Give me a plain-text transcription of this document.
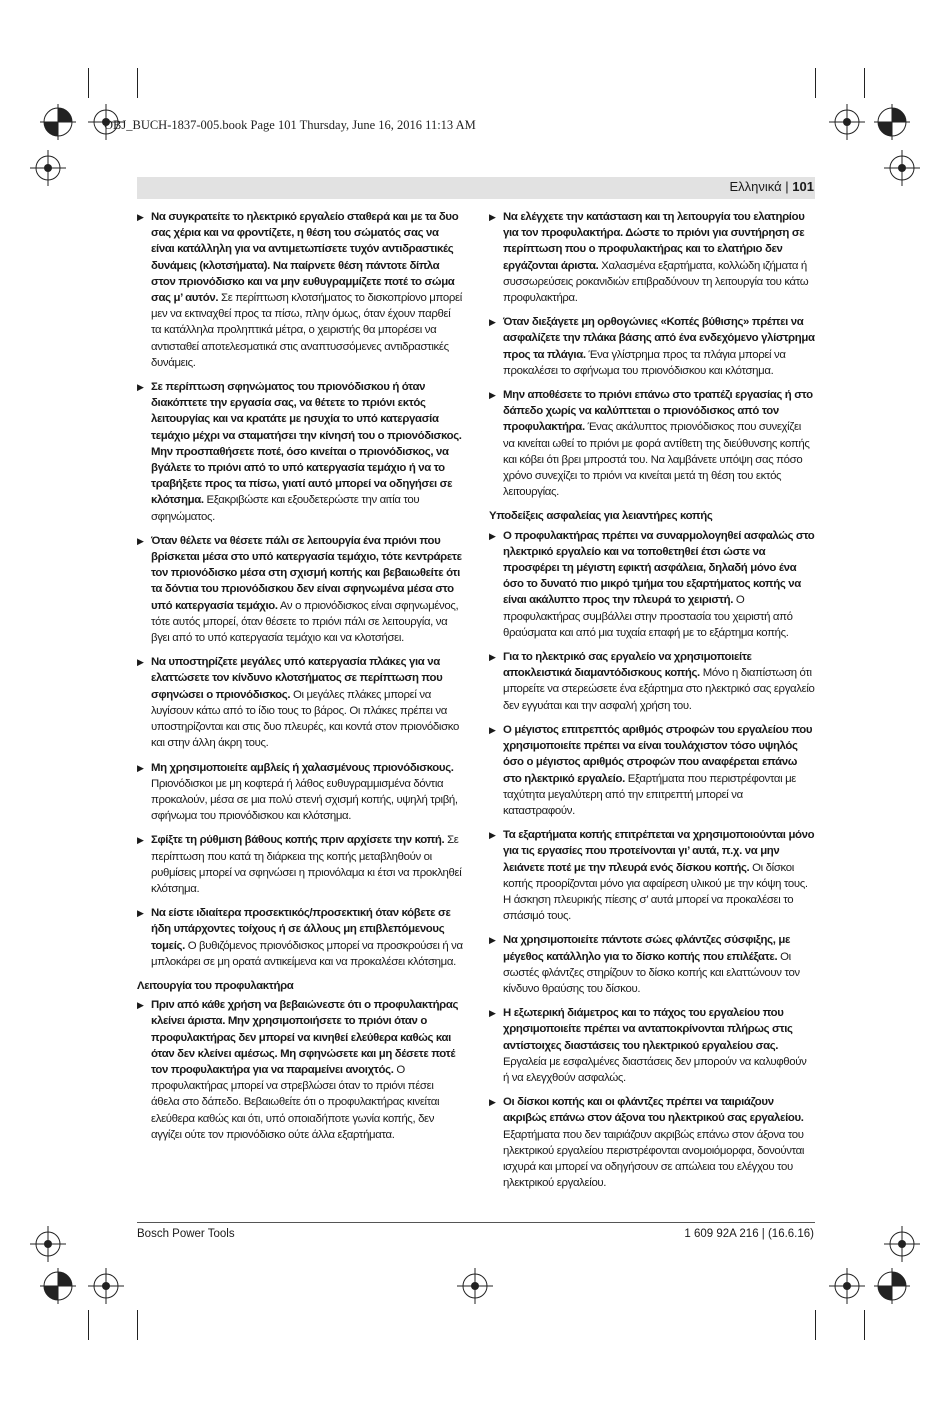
OBJ_BUCH-1837-005.book Page 101 Thursday, June 16, 2016 11:13 AM
Ελληνικά | 101
▶ Να συγκρατείτε το ηλεκτρικό εργαλείο σταθερά και με τα δυο σας χέρια και να φροντίζετε, η θέση του σώματός σας να είναι κατάλληλη για να αντιμετωπίσετε τυχόν αντιδραστικές δυνάμεις (κλοτσήματα). Να παίρνετε θέση πάντοτε δίπλα στον πριονόδισκο και να μην ευθυγραμμίζετε ποτέ το σώμα σας μ’ αυτόν. Σε περίπτωση κλοτσήματος το δισκοπρίονο μπορεί μεν να εκτιναχθεί προς τα πίσω, πλην όμως, όταν έχουν παρθεί τα κατάλληλα προληπτικά μέτρα, ο χειριστής θα μπορέσει να αντισταθεί αποτελεσματικά στις αναπτυσσόμενες αντιδραστικές δυνάμεις.
▶ Σε περίπτωση σφηνώματος του πριονόδισκου ή όταν διακόπτετε την εργασία σας, να θέτετε το πριόνι εκτός λειτουργίας και να κρατάτε με ησυχία το υπό κατεργασία τεμάχιο μέχρι να σταματήσει την κίνησή του ο πριονόδισκος. Μην προσπαθήσετε ποτέ, όσο κινείται ο πριονόδισκος, να βγάλετε το πριόνι από το υπό κατεργασία τεμάχιο ή να το τραβήξετε προς τα πίσω, γιατί αυτό μπορεί να οδηγήσει σε κλότσημα. Εξακριβώστε και εξουδετερώστε την αιτία του σφηνώματος.
▶ Όταν θέλετε να θέσετε πάλι σε λειτουργία ένα πριόνι που βρίσκεται μέσα στο υπό κατεργασία τεμάχιο, τότε κεντράρετε τον πριονόδισκο μέσα στη σχισμή κοπής και βεβαιωθείτε ότι τα δόντια του πριονόδισκου δεν είναι σφηνωμένα μέσα στο υπό κατεργασία τεμάχιο. Αν ο πριονόδισκος είναι σφηνωμένος, τότε αυτός μπορεί, όταν θέσετε το πριόνι πάλι σε λειτουργία, να βγει από το υπό κατεργασία τεμάχιο και να κλοτσήσει.
▶ Να υποστηρίζετε μεγάλες υπό κατεργασία πλάκες για να ελαττώσετε τον κίνδυνο κλοτσήματος σε περίπτωση που σφηνώσει ο πριονόδισκος. Οι μεγάλες πλάκες μπορεί να λυγίσουν κάτω από το ίδιο τους το βάρος. Οι πλάκες πρέπει να υποστηρίζονται και στις δυο πλευρές, και κοντά στον πριονόδισκο και στην άλλη άκρη τους.
▶ Μη χρησιμοποιείτε αμβλείς ή χαλασμένους πριονόδισκους. Πριονόδισκοι με μη κοφτερά ή λάθος ευθυγραμμισμένα δόντια προκαλούν, μέσα σε μια πολύ στενή σχισμή κοπής, υψηλή τριβή, σφήνωμα του πριονόδισκου και κλότσημα.
▶ Σφίξτε τη ρύθμιση βάθους κοπής πριν αρχίσετε την κοπή. Σε περίπτωση που κατά τη διάρκεια της κοπής μεταβληθούν οι ρυθμίσεις μπορεί να σφηνώσει η πριονόλαμα κι έτσι να προκληθεί κλότσημα.
▶ Να είστε ιδιαίτερα προσεκτικός/προσεκτική όταν κόβετε σε ήδη υπάρχοντες τοίχους ή σε άλλους μη επιβλεπόμενους τομείς. Ο βυθιζόμενος πριονόδισκος μπορεί να προσκρούσει ή να μπλοκάρει σε μη ορατά αντικείμενα και να προκαλέσει κλότσημα.
Λειτουργία του προφυλακτήρα
▶ Πριν από κάθε χρήση να βεβαιώνεστε ότι ο προφυλακτήρας κλείνει άριστα. Μην χρησιμοποιήσετε το πριόνι όταν ο προφυλακτήρας δεν μπορεί να κινηθεί ελεύθερα καθώς και όταν δεν κλείνει αμέσως. Μη σφηνώσετε και μη δέσετε ποτέ τον προφυλακτήρα για να παραμείνει ανοιχτός. Ο προφυλακτήρας μπορεί να στρεβλώσει όταν το πριόνι πέσει άθελα στο δάπεδο. Βεβαιωθείτε ότι ο προφυλακτήρας κινείται ελεύθερα καθώς και ότι, υπό οποιαδήποτε γωνία κοπής, δεν αγγίζει ούτε τον πριονόδισκο ούτε άλλα εξαρτήματα.
▶ Να ελέγχετε την κατάσταση και τη λειτουργία του ελατηρίου για τον προφυλακτήρα. Δώστε το πριόνι για συντήρηση σε περίπτωση που ο προφυλακτήρας και το ελατήριο δεν εργάζονται άριστα. Χαλασμένα εξαρτήματα, κολλώδη ιζήματα ή συσσωρεύσεις ροκανιδιών επιβραδύνουν τη λειτουργία του κάτω προφυλακτήρα.
▶ Όταν διεξάγετε μη ορθογώνιες «Κοπές βύθισης» πρέπει να ασφαλίζετε την πλάκα βάσης από ένα ενδεχόμενο γλίστρημα προς τα πλάγια. Ένα γλίστρημα προς τα πλάγια μπορεί να προκαλέσει το σφήνωμα του πριονόδισκου και κλότσημα.
▶ Μην αποθέσετε το πριόνι επάνω στο τραπέζι εργασίας ή στο δάπεδο χωρίς να καλύπτεται ο πριονόδισκος από τον προφυλακτήρα. Ένας ακάλυπτος πριονόδισκος που συνεχίζει να κινείται ωθεί το πριόνι με φορά αντίθετη της διεύθυνσης κοπής και κόβει ότι βρει μπροστά του. Να λαμβάνετε υπόψη σας πόσο χρόνο συνεχίζει το πριόνι να κινείται μετά τη θέση του εκτός λειτουργίας.
Υποδείξεις ασφαλείας για λειαντήρες κοπής
▶ Ο προφυλακτήρας πρέπει να συναρμολογηθεί ασφαλώς στο ηλεκτρικό εργαλείο και να τοποθετηθεί έτσι ώστε να προσφέρει τη μέγιστη εφικτή ασφάλεια, δηλαδή μόνο ένα όσο το δυνατό πιο μικρό τμήμα του εξαρτήματος κοπής να είναι ακάλυπτο προς την πλευρά το χειριστή. Ο προφυλακτήρας συμβάλλει στην προστασία του χειριστή από θραύσματα και από μια τυχαία επαφή με το εξάρτημα κοπής.
▶ Για το ηλεκτρικό σας εργαλείο να χρησιμοποιείτε αποκλειστικά διαμαντόδισκους κοπής. Μόνο η διαπίστωση ότι μπορείτε να στερεώσετε ένα εξάρτημα στο ηλεκτρικό σας εργαλείο δεν εγγυάται και την ασφαλή χρήση του.
▶ Ο μέγιστος επιτρεπτός αριθμός στροφών του εργαλείου που χρησιμοποιείτε πρέπει να είναι τουλάχιστον τόσο υψηλός όσο ο μέγιστος αριθμός στροφών που αναφέρεται επάνω στο ηλεκτρικό εργαλείο. Εξαρτήματα που περιστρέφονται με ταχύτητα μεγαλύτερη από την επιτρεπτή μπορεί να καταστραφούν.
▶ Τα εξαρτήματα κοπής επιτρέπεται να χρησιμοποιούνται μόνο για τις εργασίες που προτείνονται γι’ αυτά, π.χ. να μην λειάνετε ποτέ με την πλευρά ενός δίσκου κοπής. Οι δίσκοι κοπής προορίζονται μόνο για αφαίρεση υλικού με την κόψη τους. Η άσκηση πλευρικής πίεσης σ’ αυτά μπορεί να προκαλέσει το σπάσιμό τους.
▶ Να χρησιμοποιείτε πάντοτε σώες φλάντζες σύσφιξης, με μέγεθος κατάλληλο για το δίσκο κοπής που επιλέξατε. Οι σωστές φλάντζες στηρίζουν το δίσκο κοπής και ελαττώνουν τον κίνδυνο θραύσης του δίσκου.
▶ Η εξωτερική διάμετρος και το πάχος του εργαλείου που χρησιμοποιείτε πρέπει να ανταποκρίνονται πλήρως στις αντίστοιχες διαστάσεις του ηλεκτρικού εργαλείου σας. Εργαλεία με εσφαλμένες διαστάσεις δεν μπορούν να καλυφθούν ή να ελεγχθούν ασφαλώς.
▶ Οι δίσκοι κοπής και οι φλάντζες πρέπει να ταιριάζουν ακριβώς επάνω στον άξονα του ηλεκτρικού σας εργαλείου. Εξαρτήματα που δεν ταιριάζουν ακριβώς επάνω στον άξονα του ηλεκτρικού εργαλείου περιστρέφονται ανομοιόμορφα, δονούνται ισχυρά και μπορεί να οδηγήσουν σε απώλεια του ελέγχου του ηλεκτρικού εργαλείου.
Bosch Power Tools	1 609 92A 216 | (16.6.16)
